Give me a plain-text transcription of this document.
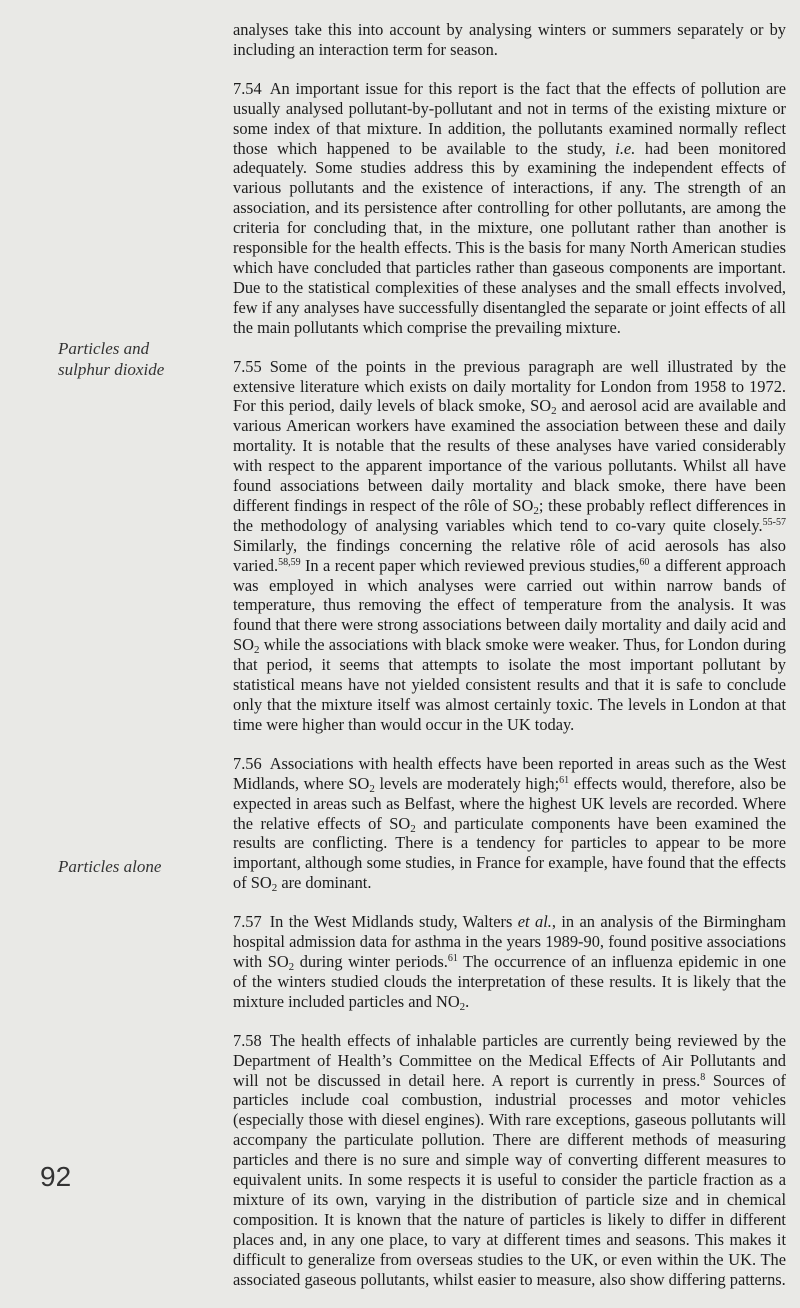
Particles and sulphur dioxide
Particles alone

analyses take this into account by analysing winters or summers separately or by including an interaction term for season.

7.54 An important issue for this report is the fact that the effects of pollution are usually analysed pollutant-by-pollutant and not in terms of the existing mixture or some index of that mixture. In addition, the pollutants examined normally reflect those which happened to be available to the study, i.e. had been monitored adequately. Some studies address this by examining the independent effects of various pollutants and the existence of interactions, if any. The strength of an association, and its persistence after controlling for other pollutants, are among the criteria for concluding that, in the mixture, one pollutant rather than another is responsible for the health effects. This is the basis for many North American studies which have concluded that particles rather than gaseous components are important. Due to the statistical complexities of these analyses and the small effects involved, few if any analyses have successfully disentangled the separate or joint effects of all the main pollutants which comprise the prevailing mixture.

7.55 Some of the points in the previous paragraph are well illustrated by the extensive literature which exists on daily mortality for London from 1958 to 1972. For this period, daily levels of black smoke, $SO_2$ and aerosol acid are available and various American workers have examined the association between these and daily mortality. It is notable that the results of these analyses have varied considerably with respect to the apparent importance of the various pollutants. Whilst all have found associations between daily mortality and black smoke, there have been different findings in respect of the rôle of $SO_2$; these probably reflect differences in the methodology of analysing variables which tend to co-vary quite closely.$^{55-57}$ Similarly, the findings concerning the relative rôle of acid aerosols has also varied.$^{58,59}$ In a recent paper which reviewed previous studies,$^{60}$ a different approach was employed in which analyses were carried out within narrow bands of temperature, thus removing the effect of temperature from the analysis. It was found that there were strong associations between daily mortality and daily acid and $SO_2$ while the associations with black smoke were weaker. Thus, for London during that period, it seems that attempts to isolate the most important pollutant by statistical means have not yielded consistent results and that it is safe to conclude only that the mixture itself was almost certainly toxic. The levels in London at that time were higher than would occur in the UK today.

7.56 Associations with health effects have been reported in areas such as the West Midlands, where $SO_2$ levels are moderately high;$^{61}$ effects would, therefore, also be expected in areas such as Belfast, where the highest UK levels are recorded. Where the relative effects of $SO_2$ and particulate components have been examined the results are conflicting. There is a tendency for particles to appear to be more important, although some studies, in France for example, have found that the effects of $SO_2$ are dominant.

7.57 In the West Midlands study, Walters et al., in an analysis of the Birmingham hospital admission data for asthma in the years 1989-90, found positive associations with $SO_2$ during winter periods.$^{61}$ The occurrence of an influenza epidemic in one of the winters studied clouds the interpretation of these results. It is likely that the mixture included particles and $NO_2$.

7.58 The health effects of inhalable particles are currently being reviewed by the Department of Health’s Committee on the Medical Effects of Air Pollutants and will not be discussed in detail here. A report is currently in press.$^8$ Sources of particles include coal combustion, industrial processes and motor vehicles (especially those with diesel engines). With rare exceptions, gaseous pollutants will accompany the particulate pollution. There are different methods of measuring particles and there is no sure and simple way of converting different measures to equivalent units. In some respects it is useful to consider the particle fraction as a mixture of its own, varying in the distribution of particle size and in chemical composition. It is known that the nature of particles is likely to differ in different places and, in any one place, to vary at different times and seasons. This makes it difficult to generalize from overseas studies to the UK, or even within the UK. The associated gaseous pollutants, whilst easier to measure, also show differing patterns.

92
